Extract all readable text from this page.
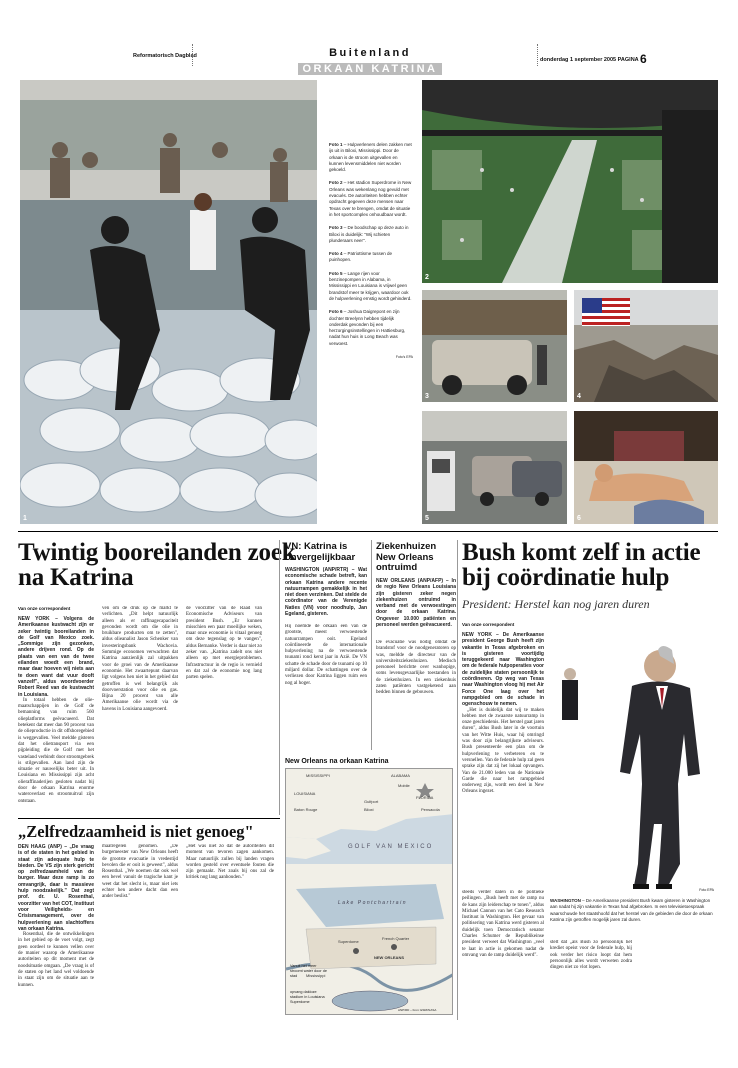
Reformatorisch Dagblad	Buitenland
ORKAAN KATRINA
donderdag 1 september 2005 PAGINA 6
1

Foto 1 – Hulpverleners delen zakken met ijs uit in Biloxi, Mississippi. Door de orkaan is de stroom uitgevallen en kunnen levensmiddelen niet worden gekoeld.

Foto 2 – Het stadion Superdrome in New Orleans was wekenlang nog gevuld met evacués. De autoriteiten hebben echter opdracht gegeven deze mensen naar Texas over te brengen, omdat de situatie in het sportcomplex onhoudbaar wordt.

Foto 3 – De boodschap op deze auto in Biloxi is duidelijk: "Wij schieten plunderaars neer".

Foto 4 – Patriottisme tussen de puinhopen.

Foto 5 – Lange rijen voor benzinepompen in Alabama, in Mississippi en Louisiana is vrijwel geen brandstof meer te krijgen, waardoor ook de hulpverlening ernstig wordt gehinderd.

Foto 6 – Joshua Daigrepont en zijn dochter Breelynn hebben tijdelijk onderdak gevonden bij een herzorgingsinstellingen in Hattiesburg, nadat hun huis in Long Beach was verwoest.

Foto's EPA
2
3	4
5	6
Twintig booreilanden zoek na Katrina
Van onze correspondent
NEW YORK – Volgens de Amerikaanse kustwacht zijn er zeker twintig booreilanden in de Golf van Mexico zoek. „Sommige zijn gezonken, andere drijven rond. Op de plaats van een van de twee eilanden woedt een brand, maar daar hoeven wij niets aan te doen want dat vuur dooft vanzelf", aldus woordvoerder Robert Reed van de kustwacht in Louisiana.

In totaal hebben de oliemaatschappijen in de Golf de bemanning van ruim 560 olieplatforms geëvacueerd. Dat betekent dat meer dan 90 procent van de olieproductie in dit offshoregebied is weggevallen. Veel meldde gisteren dat het olietransport via een pijpleiding die de Golf met het vasteland verbindt door stroomgebrek is stilgevallen. Aan land zijn de situatie er nauwelijks beter uit. In Louisiana en Mississippi zijn acht olieraffinaderijen gesloten nadat bij door de orkaan Katrina enorme wateroverlast en stroomuitval zijn ontstaan.

ven om de druk op de markt te verlichten. „Dit helpt natuurlijk alleen als er raffinagecapaciteit gevonden wordt om die olie in bruikbare producten om te zetten", aldus olieanalist Jason Schenker van investeringsbank Wachovia. Sommige economen verwachten dat Katrina aanzienlijk zal uitpakken voor de groei van de Amerikaanse economie. Het zwaartepunt daarvan ligt volgens hen niet in het gebied dat getroffen is wel belangrijk als doorvoerstation voor olie en gas. Bijna 20 procent van alle Amerikaanse olie wordt via de havens in Louisiana aangevoerd.

de voorzitter van de Raad van Economische Adviseurs van president Bush. „Er kunnen misschien een paar moeilijke weken, maar onze economie is vitaal genoeg om deze tegenslag op te vangen", aldus Bernanke. Verder is daar niet zo zeker van. „Katrina zadelt ons niet alleen op met energieproblemen. Infrastructuur in de regio is vernield en dat zal de economie nog lang parten spelen.

VN: Katrina is onvergelijkbaar
WASHINGTON (ANP/RTR) – Wat economische schade betreft, kan orkaan Katrina andere recente natuurrampen gemakkelijk in het niet doen verzinken. Dat stelde de coördinator van de Verenigde Naties (VN) voor noodhulp, Jan Egeland, gisteren.

Hij noemde de orkaan een van de grootste, meest verwoestende natuurrampen ooit. Egeland coördineerde de internationale hulpverlening na de verwoestende tsunami rond kerst jaar in Azië. De VN schatte de schade door de tsunami op 10 miljard dollar. De schattingen over de verliezen door Katrina liggen ruim een nog al hoger.

Ziekenhuizen New Orleans ontruimd
NEW ORLEANS (ANP/AFP) – In de regio New Orleans Louisiana zijn gisteren zeker negen ziekenhuizen ontruimd in verband met de verwoestingen door de orkaan Katrina. Ongeveer 10.000 patiënten en personeel werden geëvacueerd.

De evacuatie was nodig omdat de brandstof voor de noodgeneratoren op was, meldde de directeur van de universiteitsziekenhuizen. Medisch personeel berichtte over wanhopige, soms levensgevaarlijke toestanden in de ziekenhuizen. In een ziekenhuis zaten patiënten vastgeketend aan bedden binnen de gebouwen.

New Orleans na orkaan Katrina
MISSISSIPPI
LOUISIANA
ALABAMA
FLORIDA
Baton Rouge
Gulfport
Biloxi
Mobile
Pensacola
GOLF VAN MEXICO
Lake Pontchartrain
NEW ORLEANS
French Quarter
Superdome
Mississippi
Vanuit het meer stroomt water door de stad
opvang dakloze stadium in Louisiana Superdome
ANP/RD – bron: ESRI/NASA
„Zelfredzaamheid is niet genoeg"
DEN HAAG (ANP) – „De vraag is of de staten in het gebied in staat zijn adequate hulp te bieden. De VS zijn sterk gericht op zelfredzaamheid van de burger. Maar deze ramp is zo omvangrijk, daar is massieve hulp noodzakelijk." Dat zegt prof. dr. U. Rosenthal, voorzitter van het COT, Instituut voor Veiligheids- en Crisismanagement, over de hulpverlening aan slachtoffers van orkaan Katrina.

Rosenthal, die de ontwikkelingen in het gebied op de voet volgt, zegt geen oordeel te kunnen vellen over de manier waarop de Amerikaanse autoriteiten op dit moment met de noodsituatie omgaan. „De vraag is of de staten op het land wel voldoende in staat zijn om de situatie aan te kunnen.

maatregelen genomen. „De burgemeester van New Orleans heeft de grootste evacuatie in vredestijd bevolen die er ooit is geweest", aldus Rosenthal. „We noemen dat ook wel een bevel vanuit de tragische kant je weet dat het slecht is, maar niet iets echter hen andere dacht dan een ander beslist."

„Het was niet zo dat de autoriteiten dit moment van tevoren zagen aankomen. Maar natuurlijk zullen bij landen vragen worden gesteld over eventuele fouten die zijn gemaakt. Net zoals bij ons zal de kritiek nog lang aanhouden."

Bush komt zelf in actie bij coördinatie hulp
President: Herstel kan nog jaren duren
Van onze correspondent
NEW YORK – De Amerikaanse president George Bush heeft zijn vakantie in Texas afgebroken en is gisteren voortijdig teruggekeerd naar Washington om de federale hulpoperaties voor de zuidelijke staten persoonlijk te coördineren. Op weg van Texas naar Washington vloog hij met Air Force One laag over het rampgebied om de schade in ogenschouw te nemen.

„Het is duidelijk dat wij te maken hebben met de zwaarste natuurramp in onze geschiedenis. Het herstel gaat jaren duren", aldus Bush later in de voortuin van het Witte Huis, waar hij omringd was door zijn belangrijkste adviseurs. Bush presenteerde een plan om de hulpverlening te verbeteren en te versnellen. Van de federale hulp zal geen sprake zijn dat zij het lokaal opvangen. Van de 21.000 leden van de Nationale Garde die naar het rampgebied onderweg zijn, wordt een deel in New Orleans ingezet.

Foto EPA
WASHINGTON – De Amerikaanse president Bush kwam gisteren in Washington aan nadat hij zijn vakantie in Texas had afgebroken. In een televisietoespraak waarschuwde het staatshoofd dat het herstel van de gebieden die door de orkaan Katrina zijn getroffen mogelijk jaren zal duren.

steeds verder dalen in de politieke peilingen. „Bush heeft met de ramp nu de kans zijn leiderschap te tonen", aldus Michael Cannon van het Cato Research Instituut in Washington. Het gevaar van politisering van Katrina werd gisteren al duidelijk toen Democratisch senator Charles Schumer de Republikeinse president verweet dat Washington „veel te laat in actie is gekomen nadat de omvang van de ramp duidelijk werd".

stelt dat „als Bush zo persoonlijk het krediet opeist voor de federale hulp, hij ook verder het risico loopt dat hem persoonlijk alles wordt verweten zodra dingen niet zo vlot lopen.
